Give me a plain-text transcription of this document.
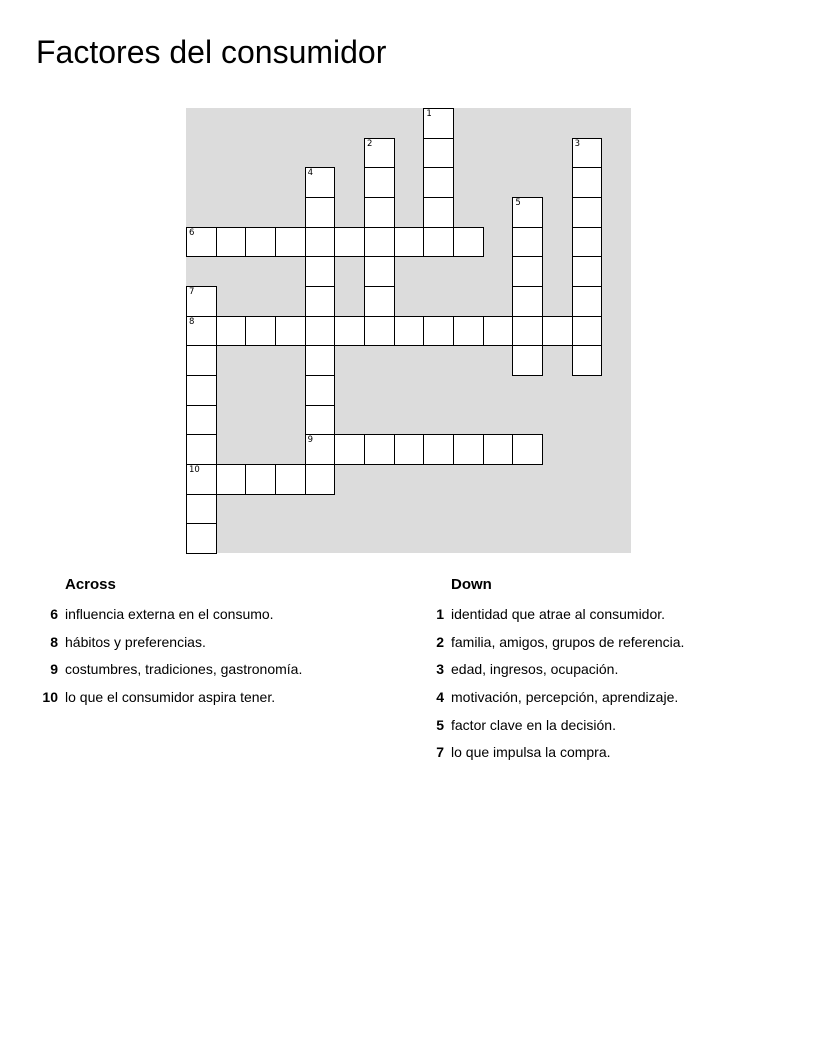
Factores del consumidor
1
2	3
4
9
5
6
7
8
10
Across
6 influencia externa en el consumo.
8 hábitos y preferencias.
9 costumbres, tradiciones, gastronomía.
10 lo que el consumidor aspira tener.
Down
1 identidad que atrae al consumidor.
2 familia, amigos, grupos de referencia.
3 edad, ingresos, ocupación.
4 motivación, percepción, aprendizaje.
5 factor clave en la decisión.
7 lo que impulsa la compra.
